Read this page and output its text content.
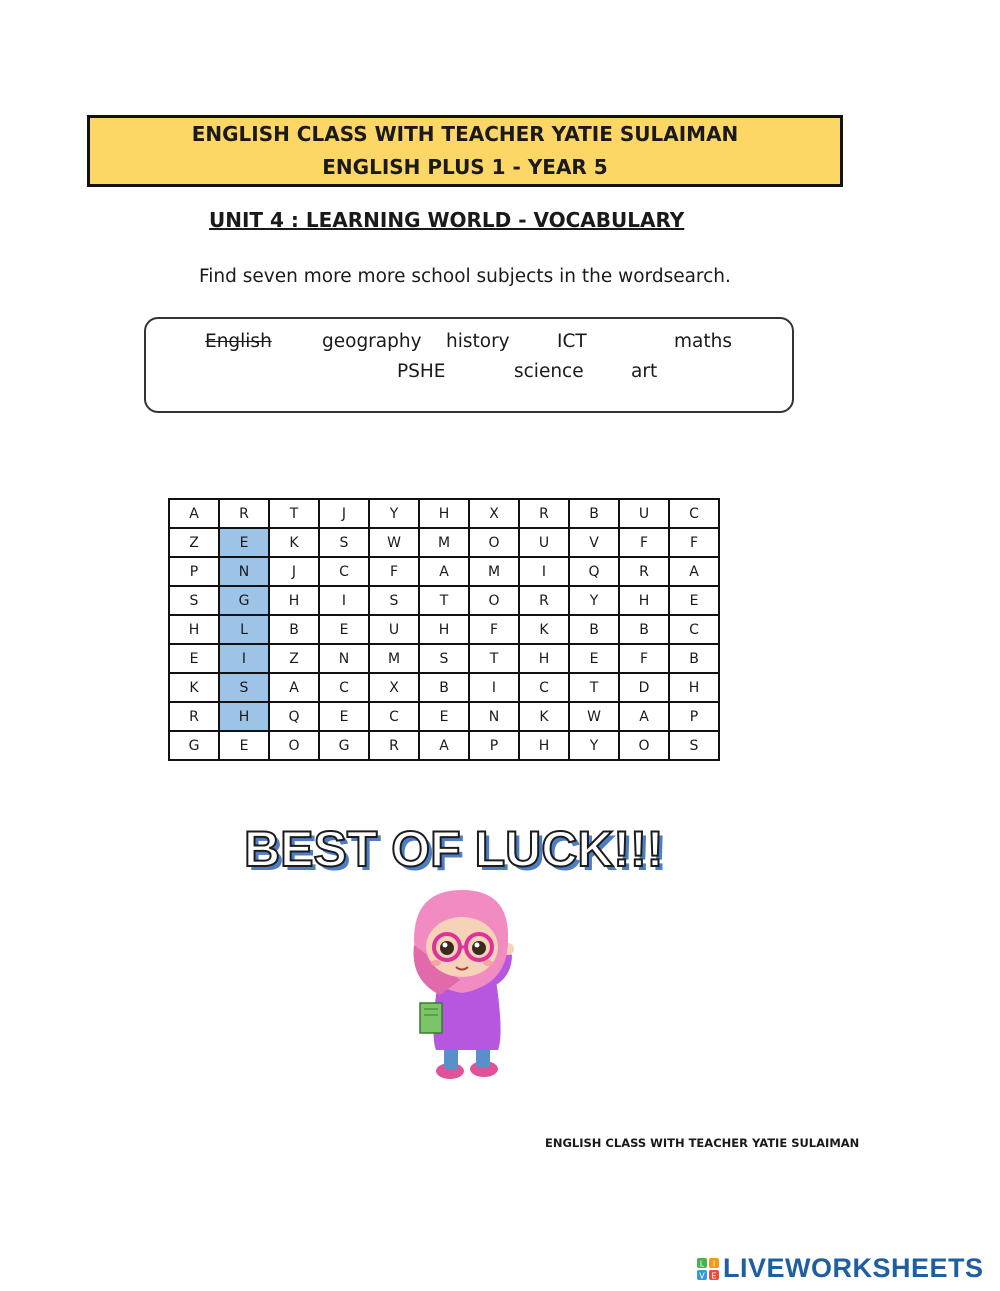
ENGLISH CLASS WITH TEACHER YATIE SULAIMAN
ENGLISH PLUS 1 - YEAR 5
UNIT 4 : LEARNING WORLD - VOCABULARY
Find seven more more school subjects in the wordsearch.
English	geography history	ICT	maths
PSHE	science	art
A	R	T	J	Y	H	X	R	B	U	C
Z	E	K	S	W	M	O	U	V	F	F
P	N	J	C	F	A	M	I	Q	R	A
S	G	H	I	S	T	O	R	Y	H	E
H	L	B	E	U	H	F	K	B	B	C
E	I	Z	N	M	S	T	H	E	F	B
K	S	A	C	X	B	I	C	T	D	H
R	H	Q	E	C	E	N	K	W	A	P
G	E	O	G	R	A	P	H	Y	O	S
BEST OF LUCK!!!
ENGLISH CLASS WITH TEACHER YATIE SULAIMAN
L I
V E LIVEWORKSHEETS
